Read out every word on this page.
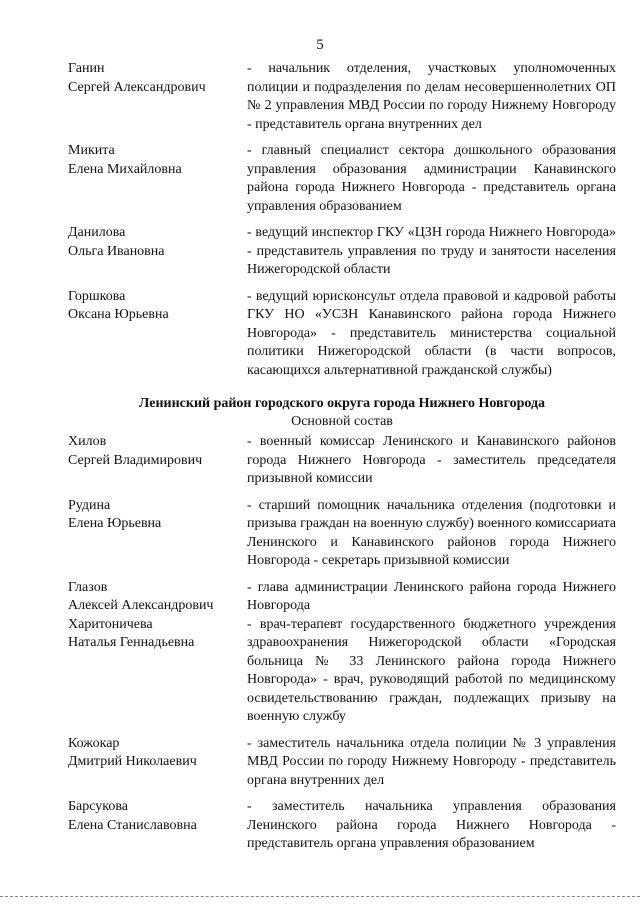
5
Ганин
Сергей Александрович
- начальник отделения, участковых уполномоченных полиции и подразделения по делам несовершеннолетних ОП № 2 управления МВД России по городу Нижнему Новгороду - представитель органа внутренних дел
Микита
Елена Михайловна
- главный специалист сектора дошкольного образования управления образования администрации Канавинского района города Нижнего Новгорода - представитель органа управления образованием
Данилова
Ольга Ивановна
- ведущий инспектор ГКУ «ЦЗН города Нижнего Новгорода» - представитель управления по труду и занятости населения Нижегородской области
Горшкова
Оксана Юрьевна
- ведущий юрисконсульт отдела правовой и кадровой работы ГКУ НО «УСЗН Канавинского района города Нижнего Новгорода» - представитель министерства социальной политики Нижегородской области (в части вопросов, касающихся альтернативной гражданской службы)
Ленинский район городского округа города Нижнего Новгорода
Основной состав
Хилов
Сергей Владимирович
- военный комиссар Ленинского и Канавинского районов города Нижнего Новгорода - заместитель председателя призывной комиссии
Рудина
Елена Юрьевна
- старший помощник начальника отделения (подготовки и призыва граждан на военную службу) военного комиссариата Ленинского и Канавинского районов города Нижнего Новгорода - секретарь призывной комиссии
Глазов
Алексей Александрович
- глава администрации Ленинского района города Нижнего Новгорода
Харитоничева
Наталья Геннадьевна
- врач-терапевт государственного бюджетного учреждения здравоохранения Нижегородской области «Городская больница № 33 Ленинского района города Нижнего Новгорода» - врач, руководящий работой по медицинскому освидетельствованию граждан, подлежащих призыву на военную службу
Кожокар
Дмитрий Николаевич
- заместитель начальника отдела полиции № 3 управления МВД России по городу Нижнему Новгороду - представитель органа внутренних дел
Барсукова
Елена Станиславовна
- заместитель начальника управления образования Ленинского района города Нижнего Новгорода - представитель органа управления образованием
